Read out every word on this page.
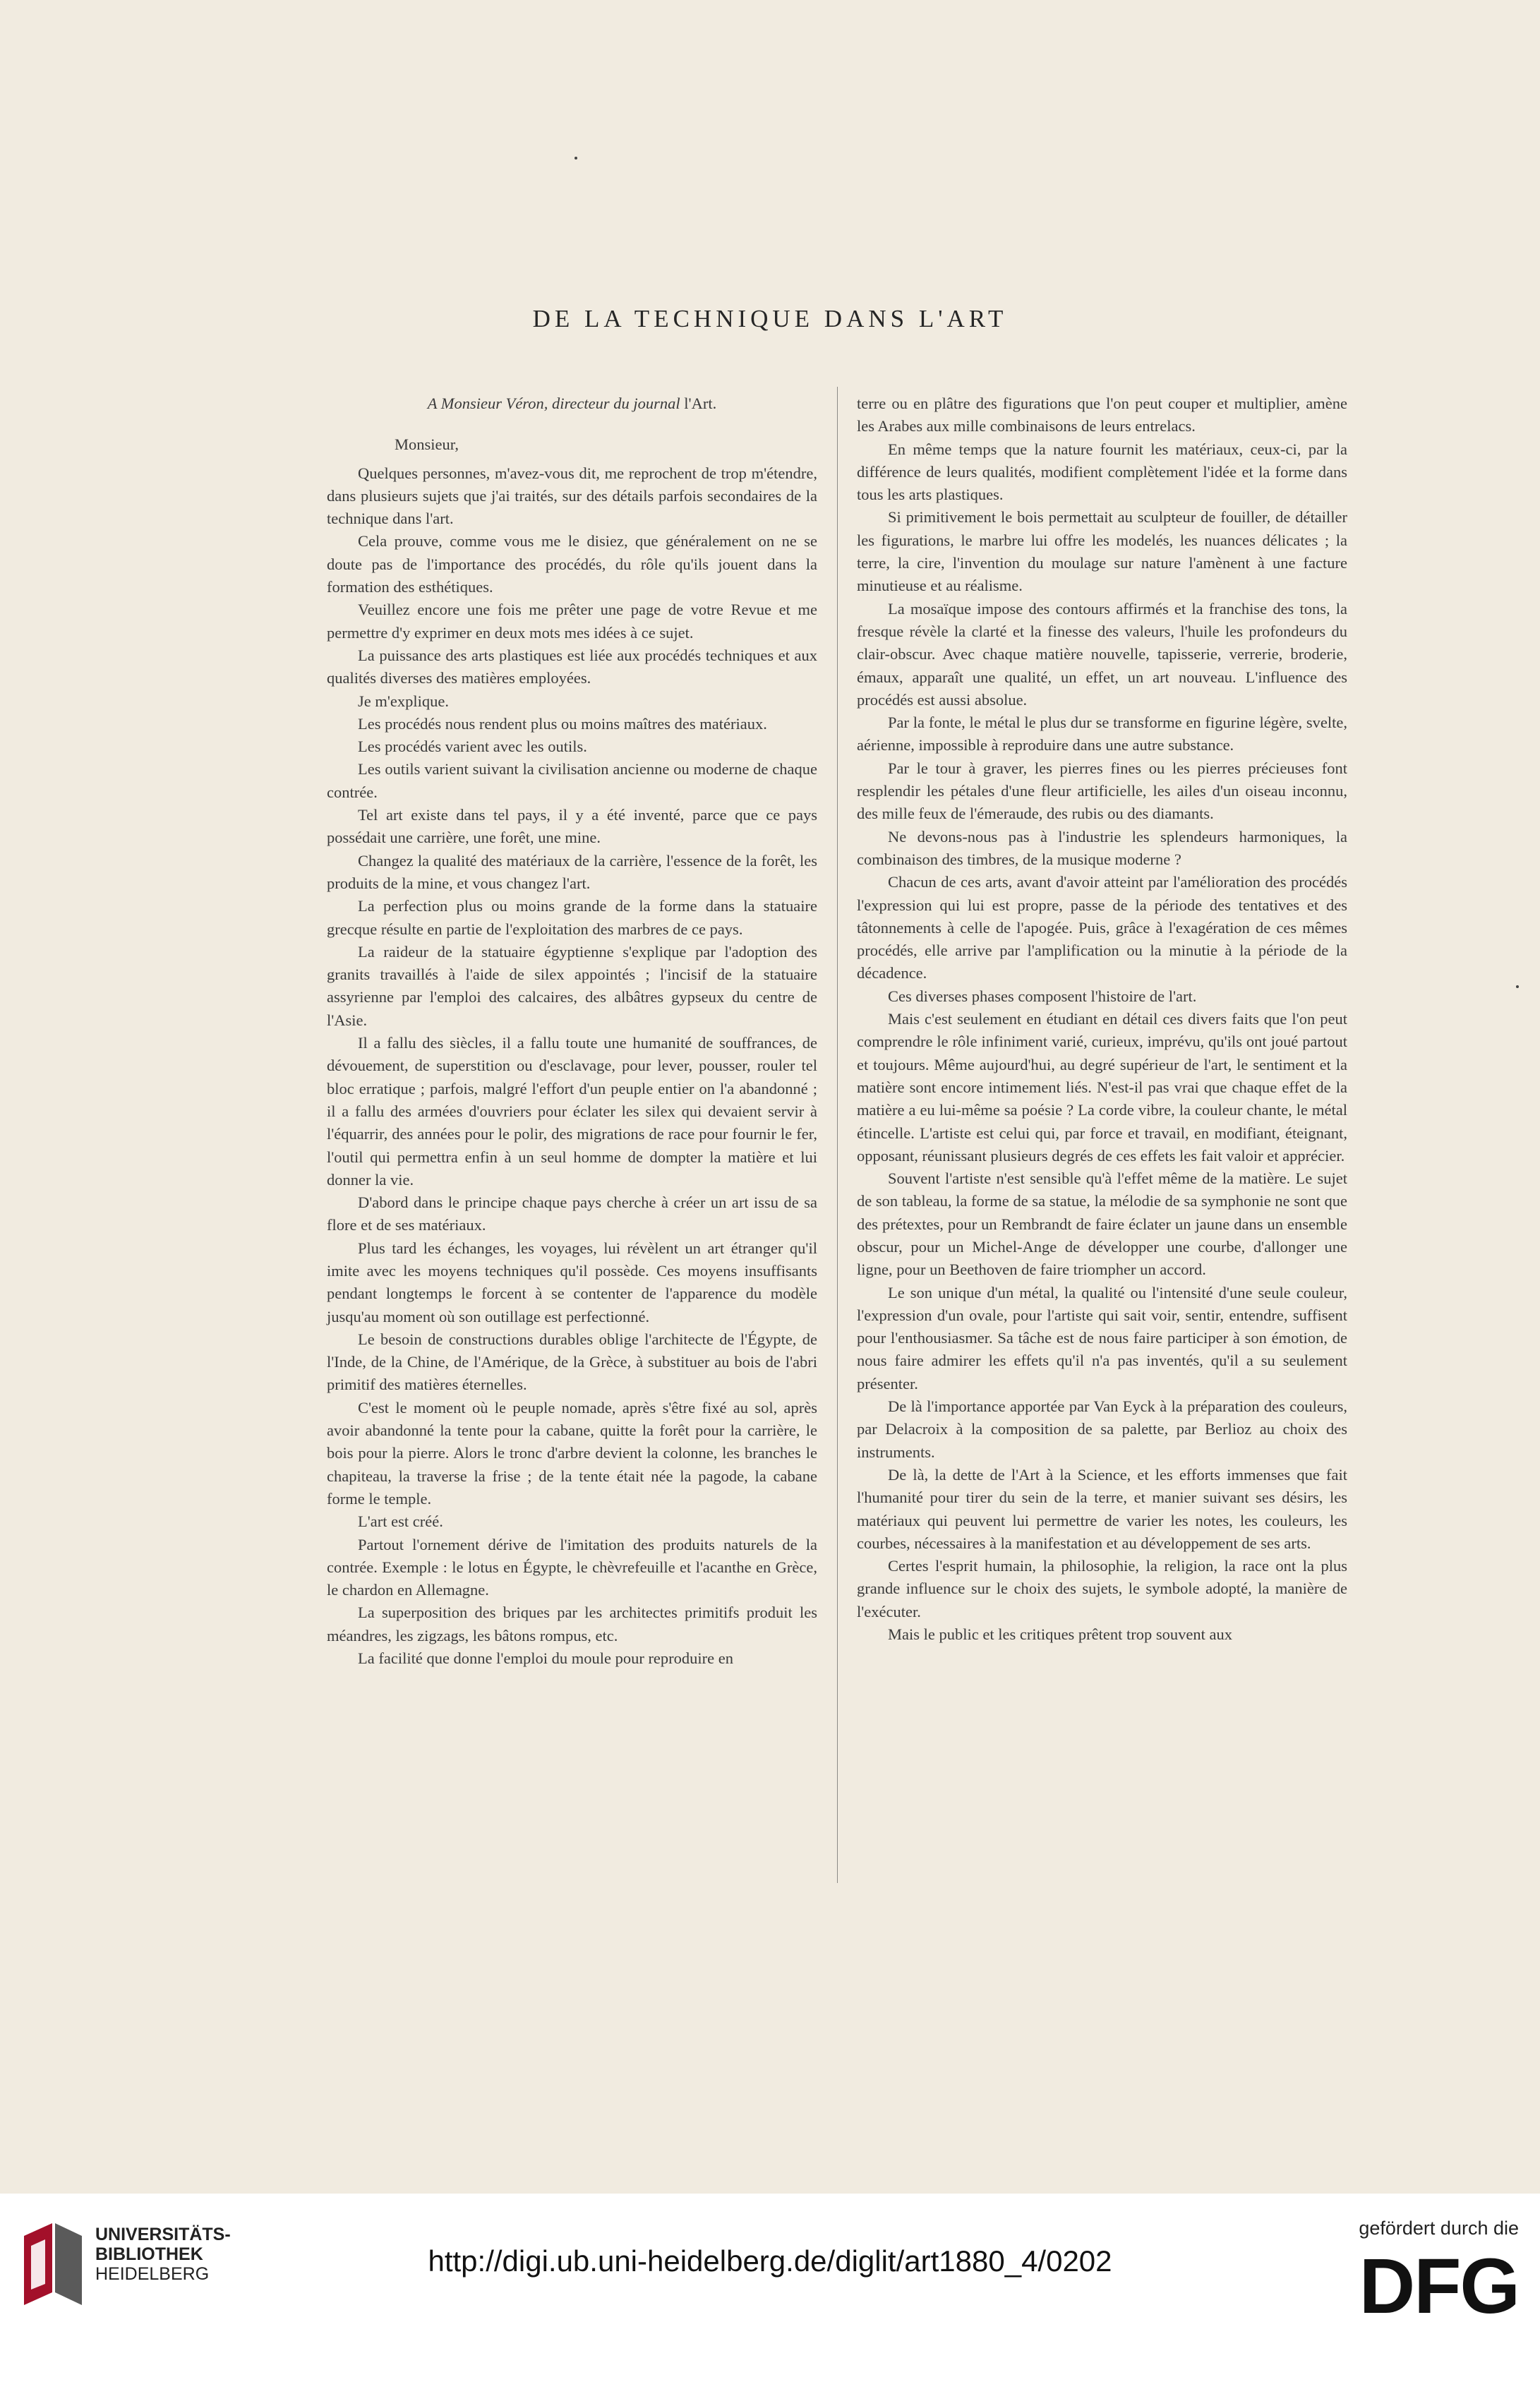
DE LA TECHNIQUE DANS L'ART

A Monsieur Véron, directeur du journal l'Art.

Monsieur,

Quelques personnes, m'avez-vous dit, me reprochent de trop m'étendre, dans plusieurs sujets que j'ai traités, sur des détails parfois secondaires de la technique dans l'art.

Cela prouve, comme vous me le disiez, que généralement on ne se doute pas de l'importance des procédés, du rôle qu'ils jouent dans la formation des esthétiques.

Veuillez encore une fois me prêter une page de votre Revue et me permettre d'y exprimer en deux mots mes idées à ce sujet.

La puissance des arts plastiques est liée aux procédés techniques et aux qualités diverses des matières employées.

Je m'explique.

Les procédés nous rendent plus ou moins maîtres des matériaux.

Les procédés varient avec les outils.

Les outils varient suivant la civilisation ancienne ou moderne de chaque contrée.

Tel art existe dans tel pays, il y a été inventé, parce que ce pays possédait une carrière, une forêt, une mine.

Changez la qualité des matériaux de la carrière, l'essence de la forêt, les produits de la mine, et vous changez l'art.

La perfection plus ou moins grande de la forme dans la statuaire grecque résulte en partie de l'exploitation des marbres de ce pays.

La raideur de la statuaire égyptienne s'explique par l'adoption des granits travaillés à l'aide de silex appointés ; l'incisif de la statuaire assyrienne par l'emploi des calcaires, des albâtres gypseux du centre de l'Asie.

Il a fallu des siècles, il a fallu toute une humanité de souffrances, de dévouement, de superstition ou d'esclavage, pour lever, pousser, rouler tel bloc erratique ; parfois, malgré l'effort d'un peuple entier on l'a abandonné ; il a fallu des armées d'ouvriers pour éclater les silex qui devaient servir à l'équarrir, des années pour le polir, des migrations de race pour fournir le fer, l'outil qui permettra enfin à un seul homme de dompter la matière et lui donner la vie.

D'abord dans le principe chaque pays cherche à créer un art issu de sa flore et de ses matériaux.

Plus tard les échanges, les voyages, lui révèlent un art étranger qu'il imite avec les moyens techniques qu'il possède. Ces moyens insuffisants pendant longtemps le forcent à se contenter de l'apparence du modèle jusqu'au moment où son outillage est perfectionné.

Le besoin de constructions durables oblige l'architecte de l'Égypte, de l'Inde, de la Chine, de l'Amérique, de la Grèce, à substituer au bois de l'abri primitif des matières éternelles.

C'est le moment où le peuple nomade, après s'être fixé au sol, après avoir abandonné la tente pour la cabane, quitte la forêt pour la carrière, le bois pour la pierre. Alors le tronc d'arbre devient la colonne, les branches le chapiteau, la traverse la frise ; de la tente était née la pagode, la cabane forme le temple.

L'art est créé.

Partout l'ornement dérive de l'imitation des produits naturels de la contrée. Exemple : le lotus en Égypte, le chèvrefeuille et l'acanthe en Grèce, le chardon en Allemagne.

La superposition des briques par les architectes primitifs produit les méandres, les zigzags, les bâtons rompus, etc.

La facilité que donne l'emploi du moule pour reproduire en

terre ou en plâtre des figurations que l'on peut couper et multiplier, amène les Arabes aux mille combinaisons de leurs entrelacs.

En même temps que la nature fournit les matériaux, ceux-ci, par la différence de leurs qualités, modifient complètement l'idée et la forme dans tous les arts plastiques.

Si primitivement le bois permettait au sculpteur de fouiller, de détailler les figurations, le marbre lui offre les modelés, les nuances délicates ; la terre, la cire, l'invention du moulage sur nature l'amènent à une facture minutieuse et au réalisme.

La mosaïque impose des contours affirmés et la franchise des tons, la fresque révèle la clarté et la finesse des valeurs, l'huile les profondeurs du clair-obscur. Avec chaque matière nouvelle, tapisserie, verrerie, broderie, émaux, apparaît une qualité, un effet, un art nouveau. L'influence des procédés est aussi absolue.

Par la fonte, le métal le plus dur se transforme en figurine légère, svelte, aérienne, impossible à reproduire dans une autre substance.

Par le tour à graver, les pierres fines ou les pierres précieuses font resplendir les pétales d'une fleur artificielle, les ailes d'un oiseau inconnu, des mille feux de l'émeraude, des rubis ou des diamants.

Ne devons-nous pas à l'industrie les splendeurs harmoniques, la combinaison des timbres, de la musique moderne ?

Chacun de ces arts, avant d'avoir atteint par l'amélioration des procédés l'expression qui lui est propre, passe de la période des tentatives et des tâtonnements à celle de l'apogée. Puis, grâce à l'exagération de ces mêmes procédés, elle arrive par l'amplification ou la minutie à la période de la décadence.

Ces diverses phases composent l'histoire de l'art.

Mais c'est seulement en étudiant en détail ces divers faits que l'on peut comprendre le rôle infiniment varié, curieux, imprévu, qu'ils ont joué partout et toujours. Même aujourd'hui, au degré supérieur de l'art, le sentiment et la matière sont encore intimement liés. N'est-il pas vrai que chaque effet de la matière a eu lui-même sa poésie ? La corde vibre, la couleur chante, le métal étincelle. L'artiste est celui qui, par force et travail, en modifiant, éteignant, opposant, réunissant plusieurs degrés de ces effets les fait valoir et apprécier.

Souvent l'artiste n'est sensible qu'à l'effet même de la matière. Le sujet de son tableau, la forme de sa statue, la mélodie de sa symphonie ne sont que des prétextes, pour un Rembrandt de faire éclater un jaune dans un ensemble obscur, pour un Michel-Ange de développer une courbe, d'allonger une ligne, pour un Beethoven de faire triompher un accord.

Le son unique d'un métal, la qualité ou l'intensité d'une seule couleur, l'expression d'un ovale, pour l'artiste qui sait voir, sentir, entendre, suffisent pour l'enthousiasmer. Sa tâche est de nous faire participer à son émotion, de nous faire admirer les effets qu'il n'a pas inventés, qu'il a su seulement présenter.

De là l'importance apportée par Van Eyck à la préparation des couleurs, par Delacroix à la composition de sa palette, par Berlioz au choix des instruments.

De là, la dette de l'Art à la Science, et les efforts immenses que fait l'humanité pour tirer du sein de la terre, et manier suivant ses désirs, les matériaux qui peuvent lui permettre de varier les notes, les couleurs, les courbes, nécessaires à la manifestation et au développement de ses arts.

Certes l'esprit humain, la philosophie, la religion, la race ont la plus grande influence sur le choix des sujets, le symbole adopté, la manière de l'exécuter.

Mais le public et les critiques prêtent trop souvent aux

UNIVERSITÄTS-
BIBLIOTHEK
HEIDELBERG	http://digi.ub.uni-heidelberg.de/diglit/art1880_4/0202
gefördert durch die
DFG
